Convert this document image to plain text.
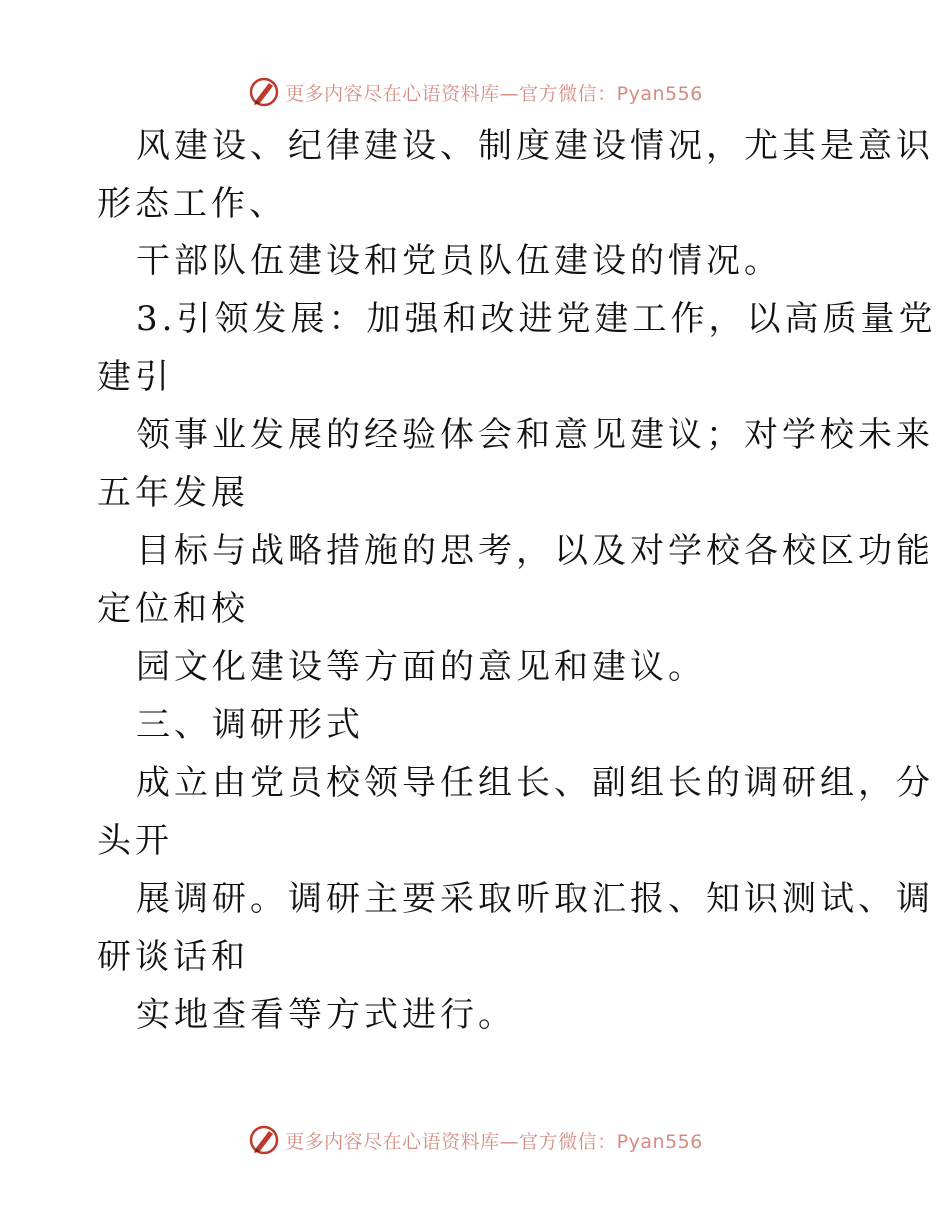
更多内容尽在心语资料库—官方微信：Pyan556
风建设、纪律建设、制度建设情况，尤其是意识
形态工作、
干部队伍建设和党员队伍建设的情况。
3.引领发展：加强和改进党建工作，以高质量党
建引
领事业发展的经验体会和意见建议；对学校未来
五年发展
目标与战略措施的思考，以及对学校各校区功能
定位和校
园文化建设等方面的意见和建议。
三、调研形式
成立由党员校领导任组长、副组长的调研组，分
头开
展调研。调研主要采取听取汇报、知识测试、调
研谈话和
实地查看等方式进行。
更多内容尽在心语资料库—官方微信：Pyan556
